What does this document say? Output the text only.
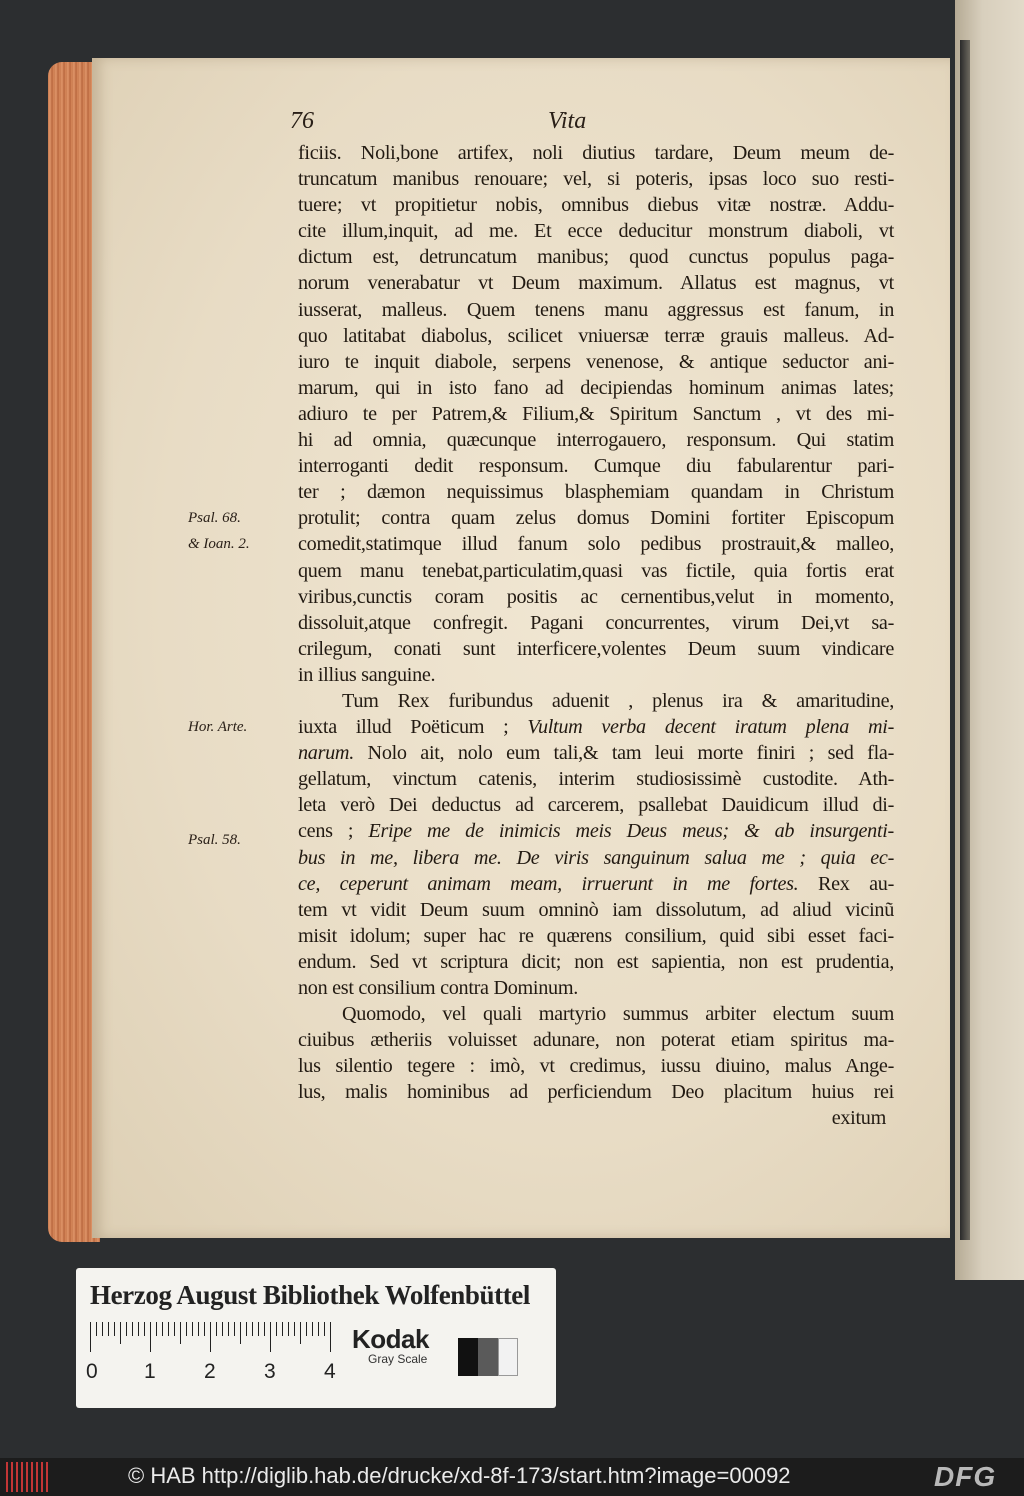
76	Vita
ficiis. Noli,bone artifex, noli diutius tardare, Deum meum de-
truncatum manibus renouare; vel, si poteris, ipsas loco suo resti-
tuere; vt propitietur nobis, omnibus diebus vitæ nostræ. Addu-
cite illum,inquit, ad me. Et ecce deducitur monstrum diaboli, vt
dictum est, detruncatum manibus; quod cunctus populus paga-
norum venerabatur vt Deum maximum. Allatus est magnus, vt
iusserat, malleus. Quem tenens manu aggressus est fanum, in
quo latitabat diabolus, scilicet vniuersæ terræ grauis malleus. Ad-
iuro te inquit diabole, serpens venenose, & antique seductor ani-
marum, qui in isto fano ad decipiendas hominum animas lates;
adiuro te per Patrem,& Filium,& Spiritum Sanctum , vt des mi-
hi ad omnia, quæcunque interrogauero, responsum. Qui statim
interroganti dedit responsum. Cumque diu fabularentur pari-
ter ; dæmon nequissimus blasphemiam quandam in Christum
protulit; contra quam zelus domus Domini fortiter Episcopum
comedit,statimque illud fanum solo pedibus prostrauit,& malleo,
quem manu tenebat,particulatim,quasi vas fictile, quia fortis erat
viribus,cunctis coram positis ac cernentibus,velut in momento,
dissoluit,atque confregit. Pagani concurrentes, virum Dei,vt sa-
crilegum, conati sunt interficere,volentes Deum suum vindicare
in illius sanguine.
Tum Rex furibundus aduenit , plenus ira & amaritudine,
iuxta illud Poëticum ; Vultum verba decent iratum plena mi-
narum. Nolo ait, nolo eum tali,& tam leui morte finiri ; sed fla-
gellatum, vinctum catenis, interim studiosissimè custodite. Ath-
leta verò Dei deductus ad carcerem, psallebat Dauidicum illud di-
cens ; Eripe me de inimicis meis Deus meus; & ab insurgenti-
bus in me, libera me. De viris sanguinum salua me ; quia ec-
ce, ceperunt animam meam, irruerunt in me fortes. Rex au-
tem vt vidit Deum suum omninò iam dissolutum, ad aliud vicinũ
misit idolum; super hac re quærens consilium, quid sibi esset faci-
endum. Sed vt scriptura dicit; non est sapientia, non est prudentia,
non est consilium contra Dominum.
Quomodo, vel quali martyrio summus arbiter electum suum
ciuibus ætheriis voluisset adunare, non poterat etiam spiritus ma-
lus silentio tegere : imò, vt credimus, iussu diuino, malus Ange-
lus, malis hominibus ad perficiendum Deo placitum huius rei
exitum
Psal. 68.
& Ioan. 2.
Hor. Arte.
Psal. 58.
Herzog August Bibliothek Wolfenbüttel
0 1 2 3 4
Kodak
Gray Scale
© HAB http://diglib.hab.de/drucke/xd-8f-173/start.htm?image=00092	DFG
